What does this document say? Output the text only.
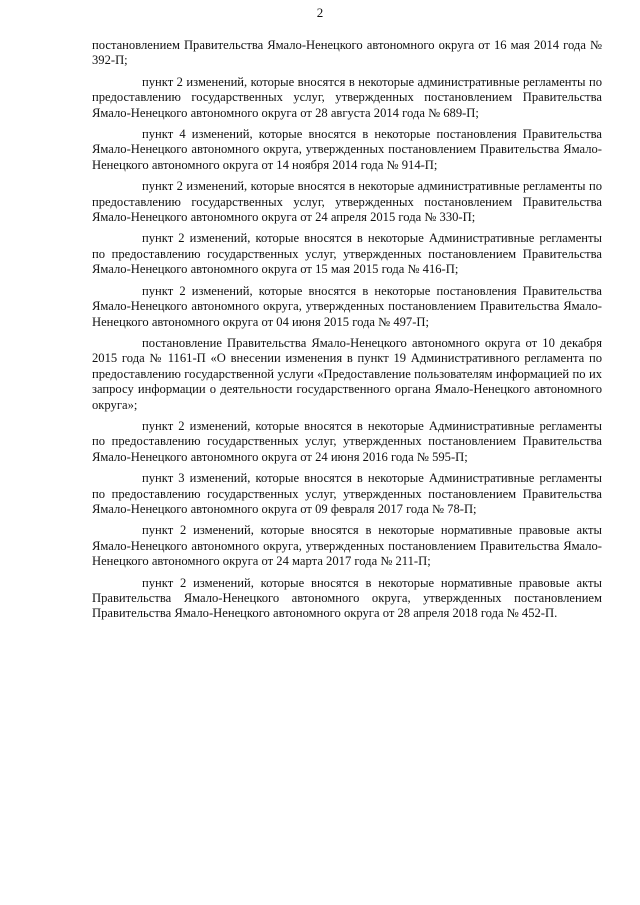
2

постановлением Правительства Ямало-Ненецкого автономного округа от 16 мая 2014 года № 392-П;

пункт 2 изменений, которые вносятся в некоторые административные регламенты по предоставлению государственных услуг, утвержденных постановлением Правительства Ямало-Ненецкого автономного округа от 28 августа 2014 года № 689-П;

пункт 4 изменений, которые вносятся в некоторые постановления Правительства Ямало-Ненецкого автономного округа, утвержденных постановлением Правительства Ямало-Ненецкого автономного округа от 14 ноября 2014 года № 914-П;

пункт 2 изменений, которые вносятся в некоторые административные регламенты по предоставлению государственных услуг, утвержденных постановлением Правительства Ямало-Ненецкого автономного округа от 24 апреля 2015 года № 330-П;

пункт 2 изменений, которые вносятся в некоторые Административные регламенты по предоставлению государственных услуг, утвержденных постановлением Правительства Ямало-Ненецкого автономного округа от 15 мая 2015 года № 416-П;

пункт 2 изменений, которые вносятся в некоторые постановления Правительства Ямало-Ненецкого автономного округа, утвержденных постановлением Правительства Ямало-Ненецкого автономного округа от 04 июня 2015 года № 497-П;

постановление Правительства Ямало-Ненецкого автономного округа от 10 декабря 2015 года № 1161-П «О внесении изменения в пункт 19 Административного регламента по предоставлению государственной услуги «Предоставление пользователям информацией по их запросу информации о деятельности государственного органа Ямало-Ненецкого автономного округа»;

пункт 2 изменений, которые вносятся в некоторые Административные регламенты по предоставлению государственных услуг, утвержденных постановлением Правительства Ямало-Ненецкого автономного округа от 24 июня 2016 года № 595-П;

пункт 3 изменений, которые вносятся в некоторые Административные регламенты по предоставлению государственных услуг, утвержденных постановлением Правительства Ямало-Ненецкого автономного округа от 09 февраля 2017 года № 78-П;

пункт 2 изменений, которые вносятся в некоторые нормативные правовые акты Ямало-Ненецкого автономного округа, утвержденных постановлением Правительства Ямало-Ненецкого автономного округа от 24 марта 2017 года № 211-П;

пункт 2 изменений, которые вносятся в некоторые нормативные правовые акты Правительства Ямало-Ненецкого автономного округа, утвержденных постановлением Правительства Ямало-Ненецкого автономного округа от 28 апреля 2018 года № 452-П.
